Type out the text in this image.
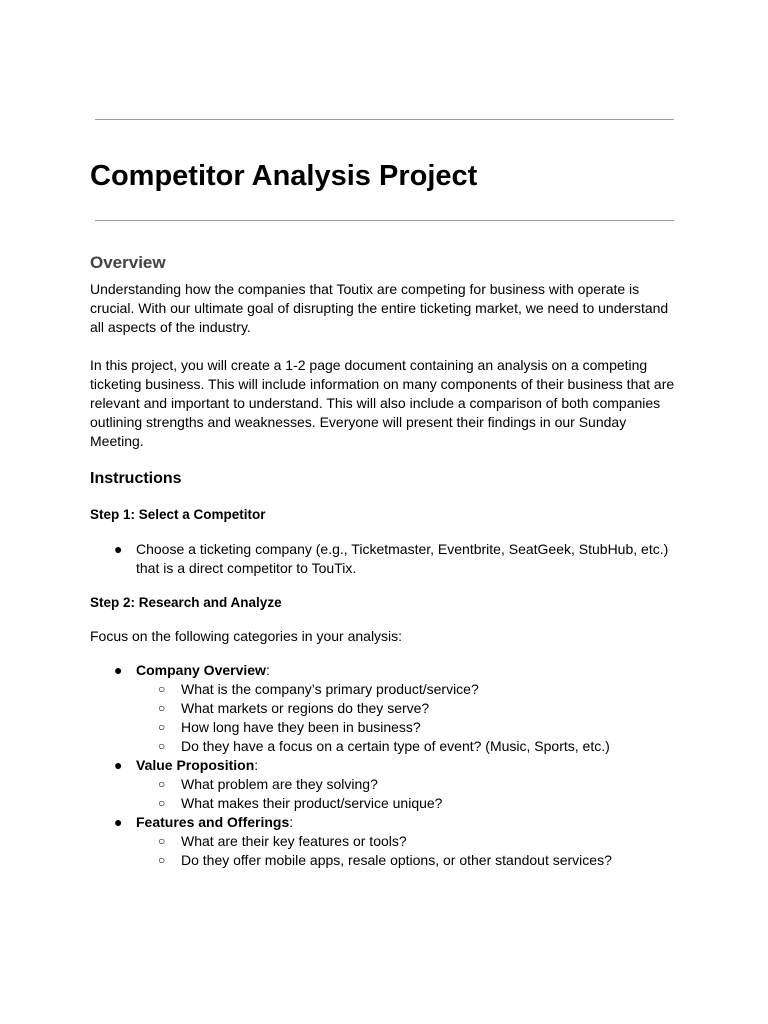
Competitor Analysis Project
Overview

Understanding how the companies that Toutix are competing for business with operate is crucial. With our ultimate goal of disrupting the entire ticketing market, we need to understand all aspects of the industry.

In this project, you will create a 1-2 page document containing an analysis on a competing ticketing business. This will include information on many components of their business that are relevant and important to understand. This will also include a comparison of both companies outlining strengths and weaknesses. Everyone will present their findings in our Sunday Meeting.

Instructions

Step 1: Select a Competitor

● Choose a ticketing company (e.g., Ticketmaster, Eventbrite, SeatGeek, StubHub, etc.) that is a direct competitor to TouTix.

Step 2: Research and Analyze

Focus on the following categories in your analysis:

● Company Overview:
○ What is the company’s primary product/service?
○ What markets or regions do they serve?
○ How long have they been in business?
○ Do they have a focus on a certain type of event? (Music, Sports, etc.)
● Value Proposition:
○ What problem are they solving?
○ What makes their product/service unique?
● Features and Offerings:
○ What are their key features or tools?
○ Do they offer mobile apps, resale options, or other standout services?
